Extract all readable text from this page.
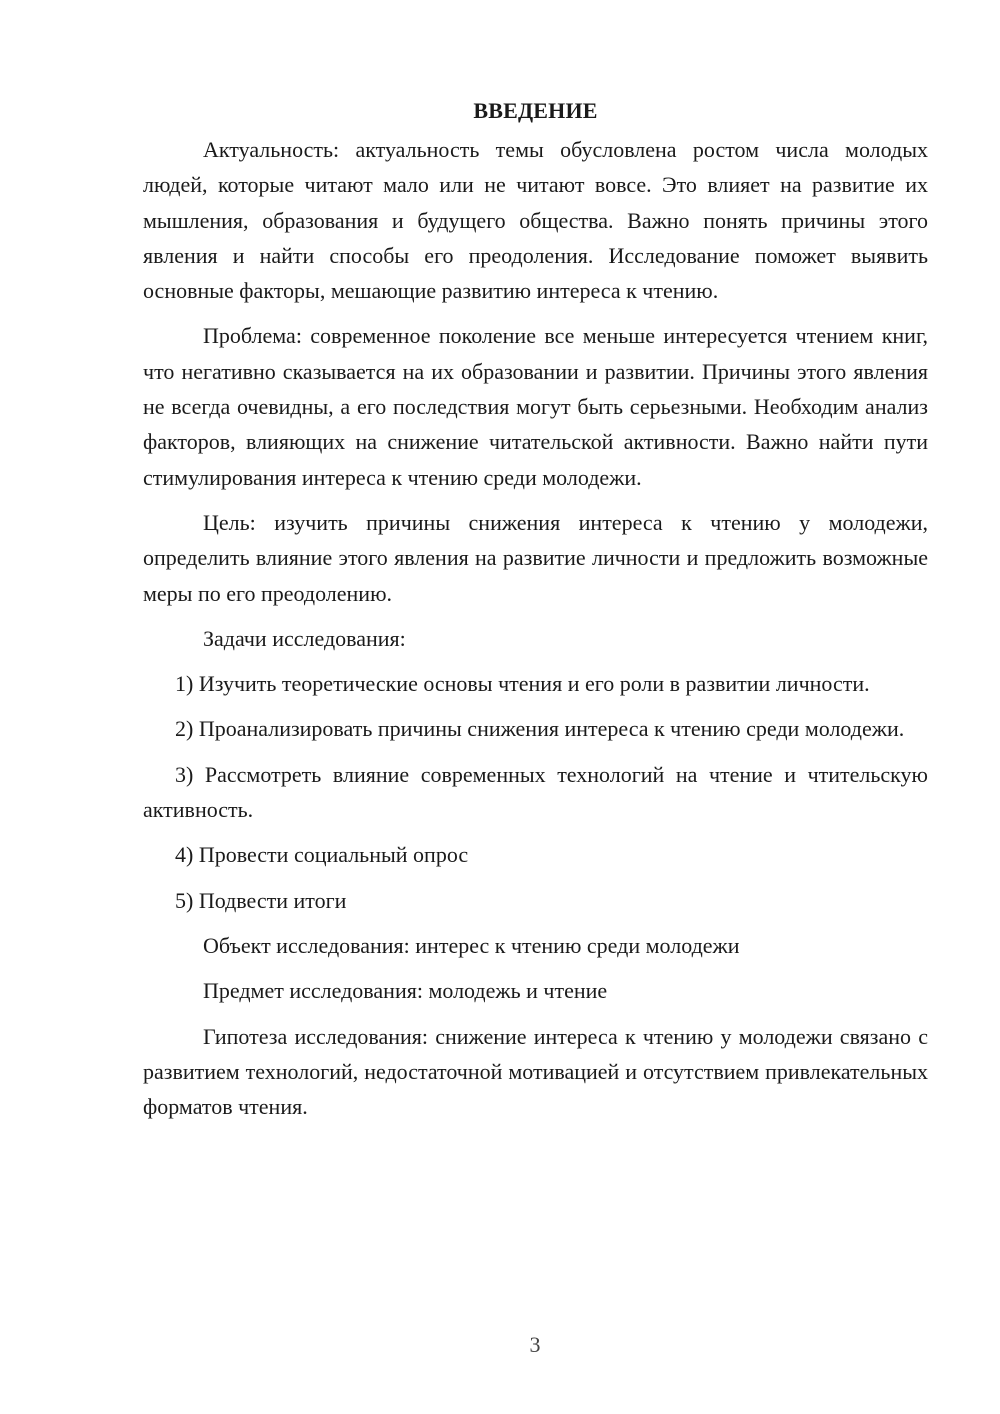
ВВЕДЕНИЕ

Актуальность: актуальность темы обусловлена ростом числа молодых людей, которые читают мало или не читают вовсе. Это влияет на развитие их мышления, образования и будущего общества. Важно понять причины этого явления и найти способы его преодоления. Исследование поможет выявить основные факторы, мешающие развитию интереса к чтению.

Проблема: современное поколение все меньше интересуется чтением книг, что негативно сказывается на их образовании и развитии. Причины этого явления не всегда очевидны, а его последствия могут быть серьезными. Необходим анализ факторов, влияющих на снижение читательской активности. Важно найти пути стимулирования интереса к чтению среди молодежи.

Цель: изучить причины снижения интереса к чтению у молодежи, определить влияние этого явления на развитие личности и предложить возможные меры по его преодолению.

Задачи исследования:

1) Изучить теоретические основы чтения и его роли в развитии личности.

2) Проанализировать причины снижения интереса к чтению среди молодежи.

3) Рассмотреть влияние современных технологий на чтение и чтительскую активность.

4) Провести социальный опрос

5) Подвести итоги

Объект исследования: интерес к чтению среди молодежи

Предмет исследования: молодежь и чтение

Гипотеза исследования: снижение интереса к чтению у молодежи связано с развитием технологий, недостаточной мотивацией и отсутствием привлекательных форматов чтения.

3
